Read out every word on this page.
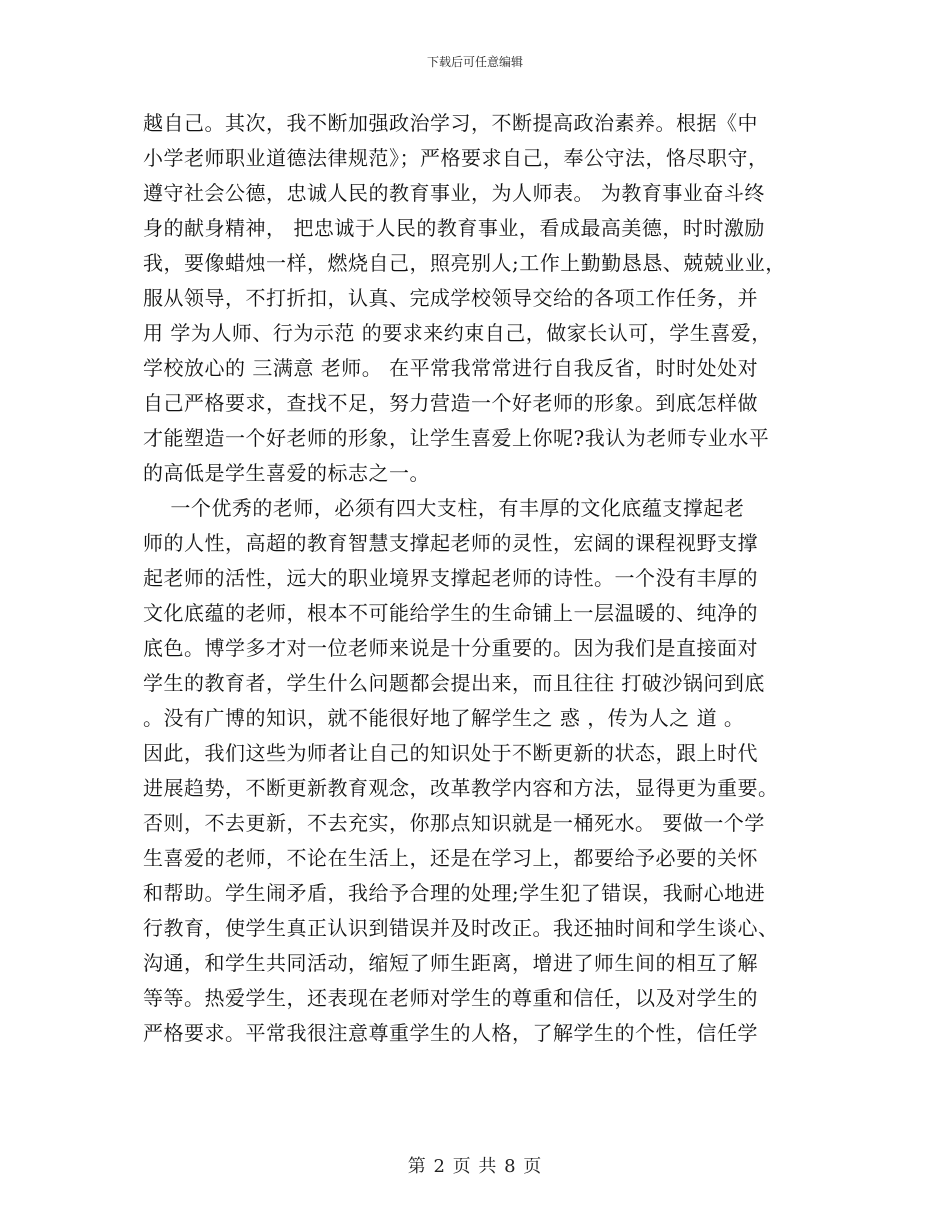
下载后可任意编辑
越自己。其次，我不断加强政治学习，不断提高政治素养。根据《中
小学老师职业道德法律规范》；严格要求自己，奉公守法，恪尽职守，
遵守社会公德，忠诚人民的教育事业，为人师表。 为教育事业奋斗终
身的献身精神， 把忠诚于人民的教育事业，看成最高美德，时时激励
我，要像蜡烛一样，燃烧自己，照亮别人;工作上勤勤恳恳、兢兢业业，
服从领导，不打折扣，认真、完成学校领导交给的各项工作任务，并
用 学为人师、行为示范 的要求来约束自己，做家长认可，学生喜爱，
学校放心的 三满意 老师。 在平常我常常进行自我反省，时时处处对
自己严格要求，查找不足，努力营造一个好老师的形象。到底怎样做
才能塑造一个好老师的形象，让学生喜爱上你呢?我认为老师专业水平
的高低是学生喜爱的标志之一。
一个优秀的老师，必须有四大支柱，有丰厚的文化底蕴支撑起老
师的人性，高超的教育智慧支撑起老师的灵性，宏阔的课程视野支撑
起老师的活性，远大的职业境界支撑起老师的诗性。一个没有丰厚的
文化底蕴的老师，根本不可能给学生的生命铺上一层温暖的、纯净的
底色。博学多才对一位老师来说是十分重要的。因为我们是直接面对
学生的教育者，学生什么问题都会提出来，而且往往 打破沙锅问到底
。没有广博的知识，就不能很好地了解学生之 惑 ，传为人之 道 。
因此，我们这些为师者让自己的知识处于不断更新的状态，跟上时代
进展趋势，不断更新教育观念，改革教学内容和方法，显得更为重要。
否则，不去更新，不去充实，你那点知识就是一桶死水。 要做一个学
生喜爱的老师，不论在生活上，还是在学习上，都要给予必要的关怀
和帮助。学生闹矛盾，我给予合理的处理;学生犯了错误，我耐心地进
行教育，使学生真正认识到错误并及时改正。我还抽时间和学生谈心、
沟通，和学生共同活动，缩短了师生距离，增进了师生间的相互了解
等等。热爱学生，还表现在老师对学生的尊重和信任，以及对学生的
严格要求。平常我很注意尊重学生的人格，了解学生的个性，信任学
第 2 页 共 8 页
